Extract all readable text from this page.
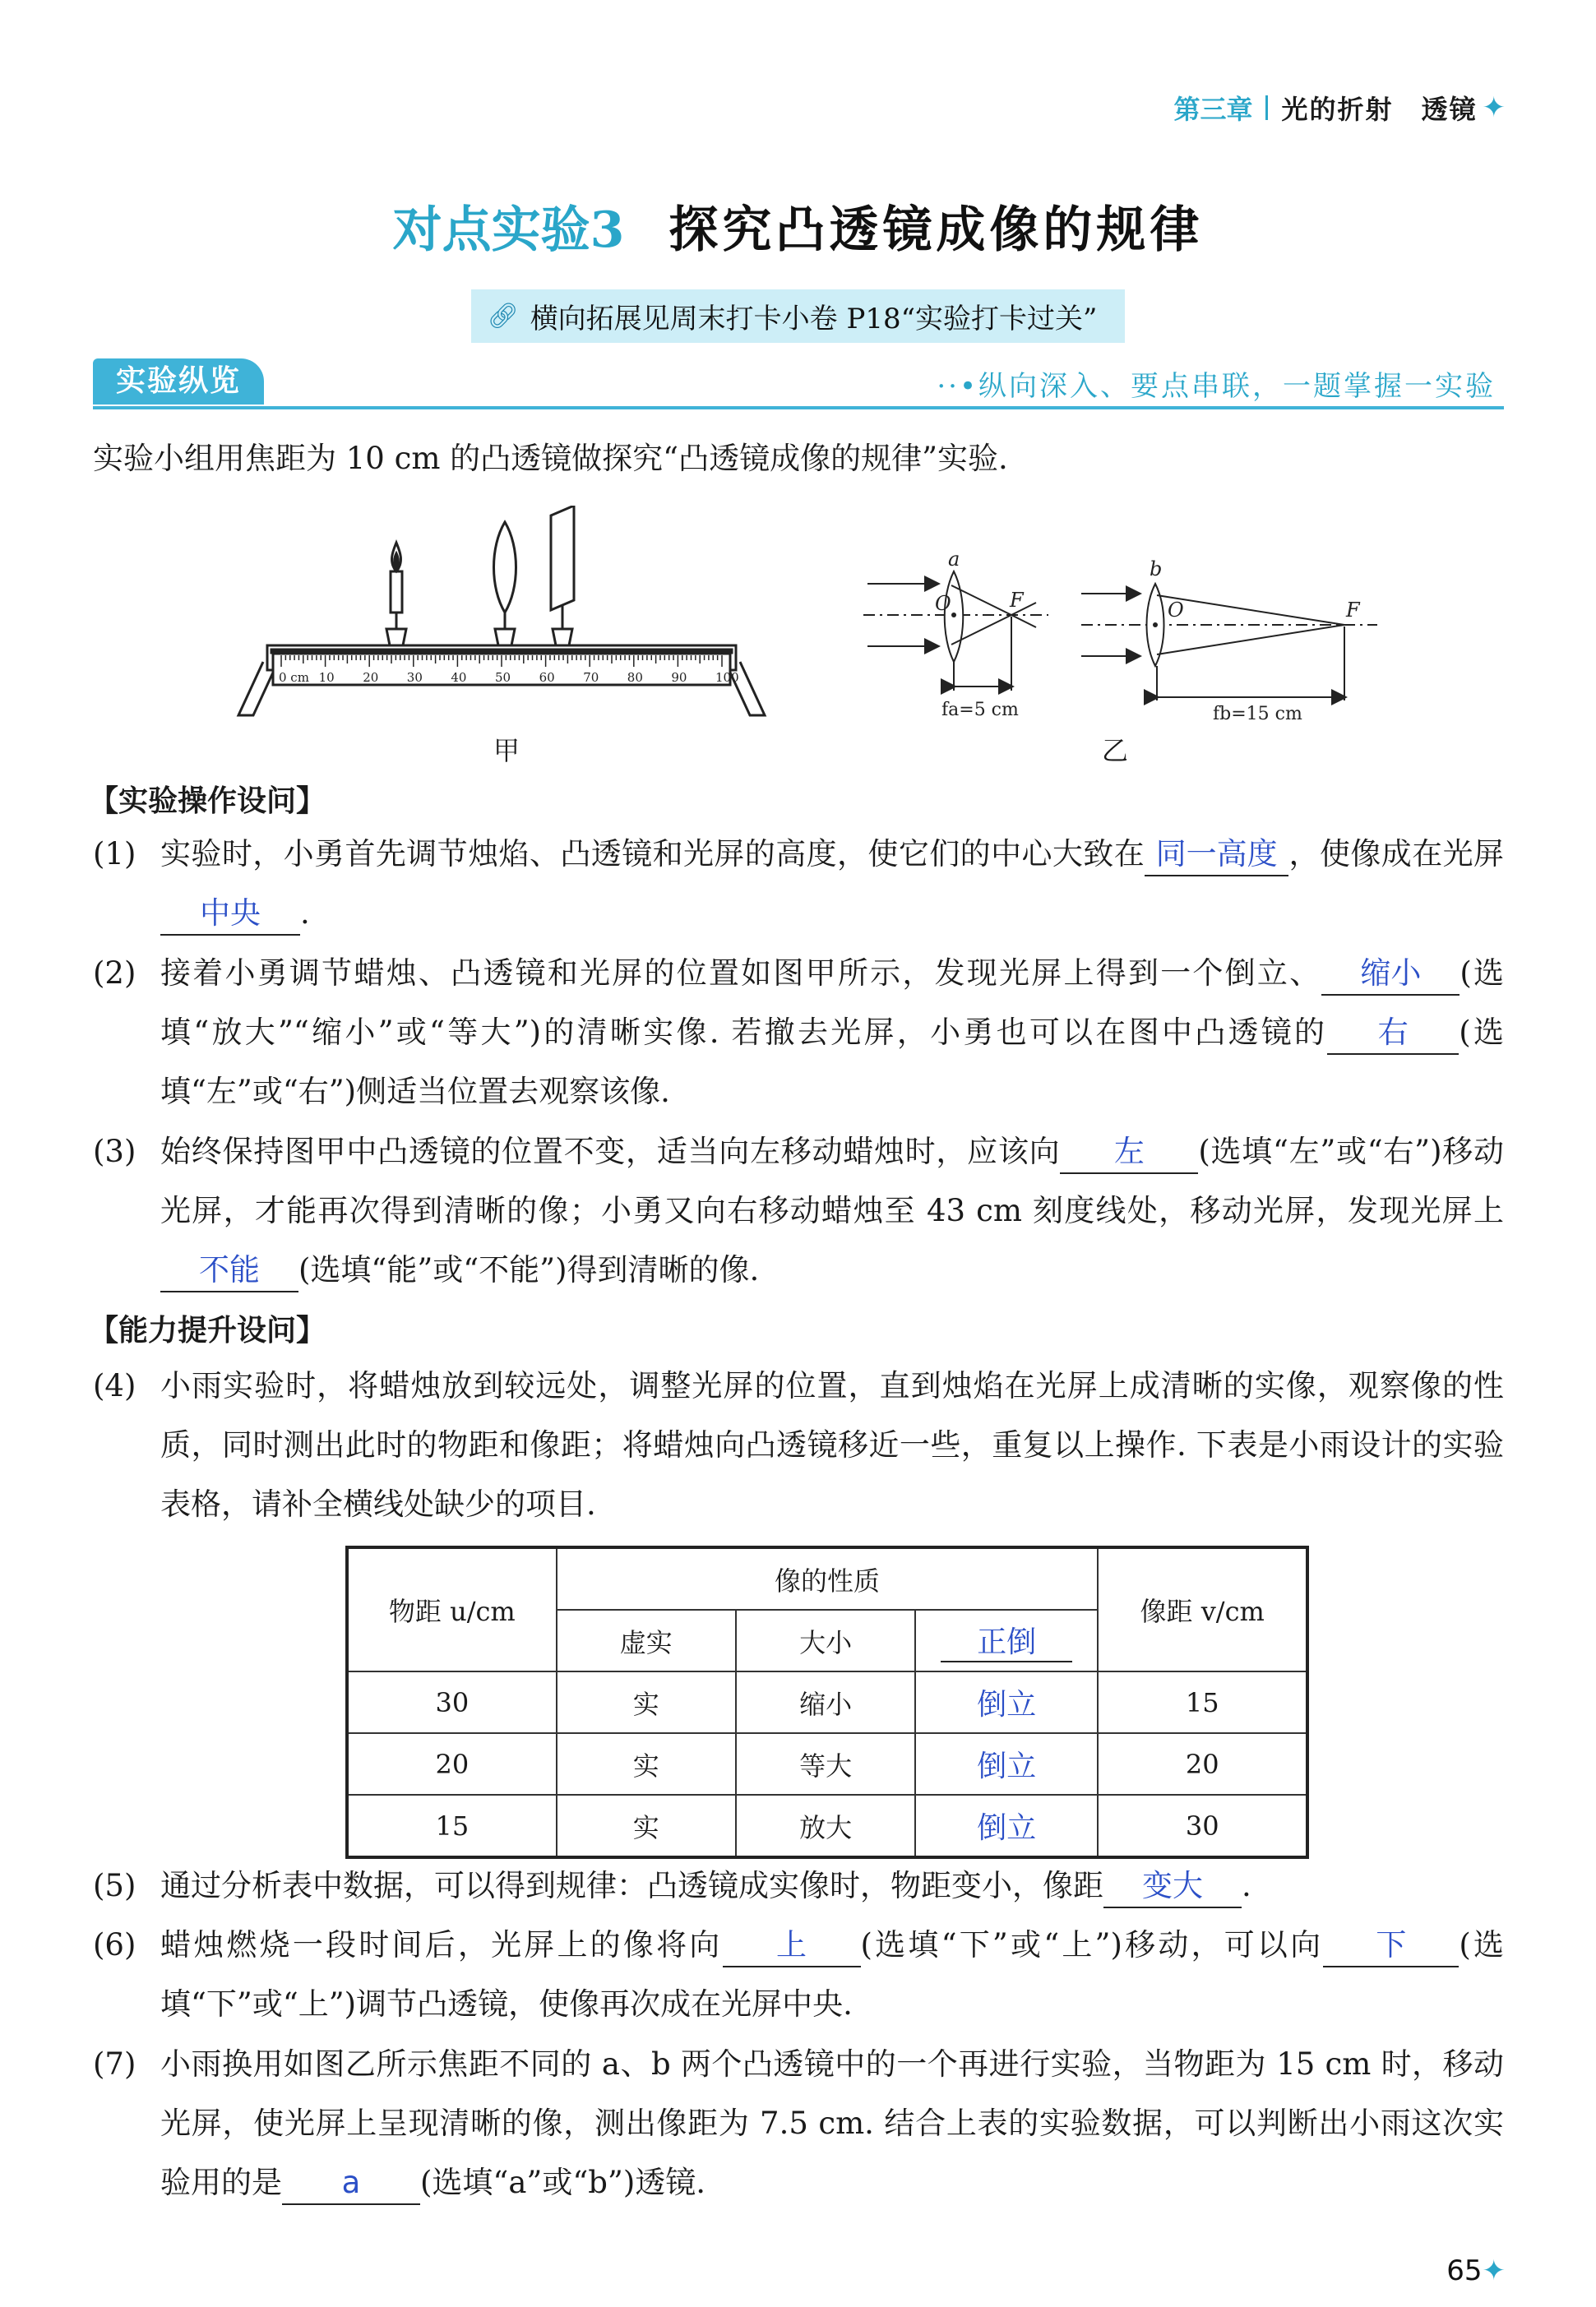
第三章 光的折射　透镜 ✦
对点实验3 探究凸透镜成像的规律
🔗︎ 横向拓展见周末打卡小卷 P18“实验打卡过关”
实验纵览	··•纵向深入、要点串联，一题掌握一实验
实验小组用焦距为 10 cm 的凸透镜做探究“凸透镜成像的规律”实验.
0 cm 10 20 30 40 50 60 70 80 90 100
甲
a
O	F
b
O	F
fa=5 cm	fb=15 cm
乙
【实验操作设问】
(1) 实验时，小勇首先调节烛焰、凸透镜和光屏的高度，使它们的中心大致在 同一高度 ，使像成在光屏中央 .
(2) 接着小勇调节蜡烛、凸透镜和光屏的位置如图甲所示，发现光屏上得到一个倒立、 缩小 (选填“放大”“缩小”或“等大”)的清晰实像. 若撤去光屏，小勇也可以在图中凸透镜的 右 (选填“左”或“右”)侧适当位置去观察该像.
(3) 始终保持图甲中凸透镜的位置不变，适当向左移动蜡烛时，应该向 左 (选填“左”或“右”)移动光屏，才能再次得到清晰的像；小勇又向右移动蜡烛至 43 cm 刻度线处，移动光屏，发现光屏上不能 (选填“能”或“不能”)得到清晰的像.
【能力提升设问】
(4) 小雨实验时，将蜡烛放到较远处，调整光屏的位置，直到烛焰在光屏上成清晰的实像，观察像的性质，同时测出此时的物距和像距；将蜡烛向凸透镜移近一些，重复以上操作. 下表是小雨设计的实验表格，请补全横线处缺少的项目.
物距 u/cm	像的性质			像距 v/cm
	虚实	大小	正倒	
30	实	缩小	倒立	15
20	实	等大	倒立	20
15	实	放大	倒立	30
(5) 通过分析表中数据，可以得到规律：凸透镜成实像时，物距变小，像距 变大 .
(6) 蜡烛燃烧一段时间后，光屏上的像将向 上 (选填“下”或“上”)移动，可以向 下 (选填“下”或“上”)调节凸透镜，使像再次成在光屏中央.
(7) 小雨换用如图乙所示焦距不同的 a、b 两个凸透镜中的一个再进行实验，当物距为 15 cm 时，移动光屏，使光屏上呈现清晰的像，测出像距为 7.5 cm. 结合上表的实验数据，可以判断出小雨这次实验用的是 a (选填“a”或“b”)透镜.
65✦
